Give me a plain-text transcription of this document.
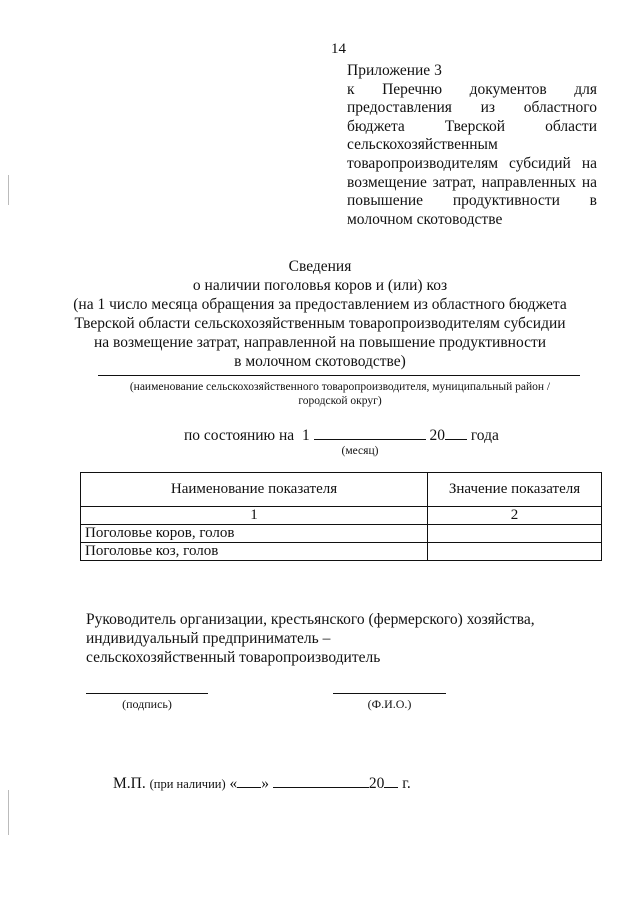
14
Приложение 3
к Перечню документов для
предоставления из областного
бюджета Тверской области
сельскохозяйственным
товаропроизводителям субсидий на
возмещение затрат, направленных на
повышение продуктивности в
молочном скотоводстве
Сведения
о наличии поголовья коров и (или) коз
(на 1 число месяца обращения за предоставлением из областного бюджета
Тверской области сельскохозяйственным товаропроизводителям субсидии
на возмещение затрат, направленной на повышение продуктивности
в молочном скотоводстве)
(наименование сельскохозяйственного товаропроизводителя, муниципальный район /
городской округ)
по состоянию на 1	20 года
(месяц)
Наименование показателя	Значение показателя
1	2
Поголовье коров, голов	
Поголовье коз, голов	
Руководитель организации, крестьянского (фермерского) хозяйства,
индивидуальный предприниматель –
сельскохозяйственный товаропроизводитель
(подпись)	(Ф.И.О.)
М.П. (при наличии) « »	20 г.
